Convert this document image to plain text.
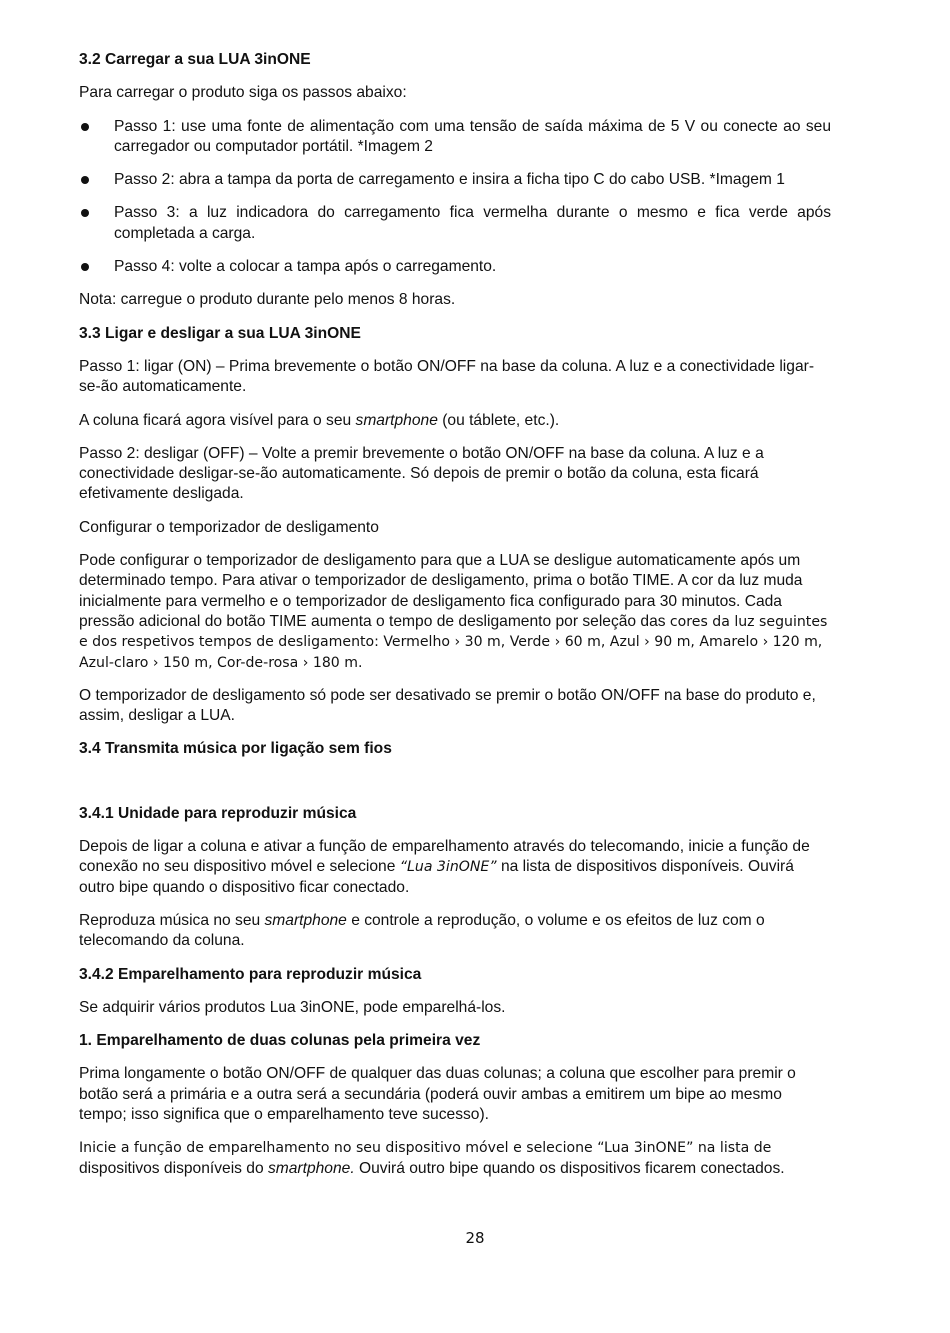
3.2 Carregar a sua LUA 3inONE
Para carregar o produto siga os passos abaixo:
Passo 1: use uma fonte de alimentação com uma tensão de saída máxima de 5 V ou conecte ao seu carregador ou computador portátil. *Imagem 2
Passo 2: abra a tampa da porta de carregamento e insira a ficha tipo C do cabo USB. *Imagem 1
Passo 3: a luz indicadora do carregamento fica vermelha durante o mesmo e fica verde após completada a carga.
Passo 4: volte a colocar a tampa após o carregamento.
Nota: carregue o produto durante pelo menos 8 horas.
3.3 Ligar e desligar a sua LUA 3inONE
Passo 1: ligar (ON) – Prima brevemente o botão ON/OFF na base da coluna. A luz e a conectividade ligar-se-ão automaticamente.
A coluna ficará agora visível para o seu smartphone (ou táblete, etc.).
Passo 2: desligar (OFF) – Volte a premir brevemente o botão ON/OFF na base da coluna. A luz e a conectividade desligar-se-ão automaticamente. Só depois de premir o botão da coluna, esta ficará efetivamente desligada.
Configurar o temporizador de desligamento
Pode configurar o temporizador de desligamento para que a LUA se desligue automaticamente após um determinado tempo. Para ativar o temporizador de desligamento, prima o botão TIME. A cor da luz muda inicialmente para vermelho e o temporizador de desligamento fica configurado para 30 minutos. Cada pressão adicional do botão TIME aumenta o tempo de desligamento por seleção das cores da luz seguintes e dos respetivos tempos de desligamento: Vermelho › 30 m, Verde › 60 m, Azul › 90 m, Amarelo › 120 m, Azul-claro › 150 m, Cor-de-rosa › 180 m.
O temporizador de desligamento só pode ser desativado se premir o botão ON/OFF na base do produto e, assim, desligar a LUA.
3.4 Transmita música por ligação sem fios
3.4.1 Unidade para reproduzir música
Depois de ligar a coluna e ativar a função de emparelhamento através do telecomando, inicie a função de conexão no seu dispositivo móvel e selecione “Lua 3inONE” na lista de dispositivos disponíveis. Ouvirá outro bipe quando o dispositivo ficar conectado.
Reproduza música no seu smartphone e controle a reprodução, o volume e os efeitos de luz com o telecomando da coluna.
3.4.2 Emparelhamento para reproduzir música
Se adquirir vários produtos Lua 3inONE, pode emparelhá-los.
1. Emparelhamento de duas colunas pela primeira vez
Prima longamente o botão ON/OFF de qualquer das duas colunas; a coluna que escolher para premir o botão será a primária e a outra será a secundária (poderá ouvir ambas a emitirem um bipe ao mesmo tempo; isso significa que o emparelhamento teve sucesso).
Inicie a função de emparelhamento no seu dispositivo móvel e selecione “Lua 3inONE” na lista de
dispositivos disponíveis do smartphone. Ouvirá outro bipe quando os dispositivos ficarem conectados.
28
